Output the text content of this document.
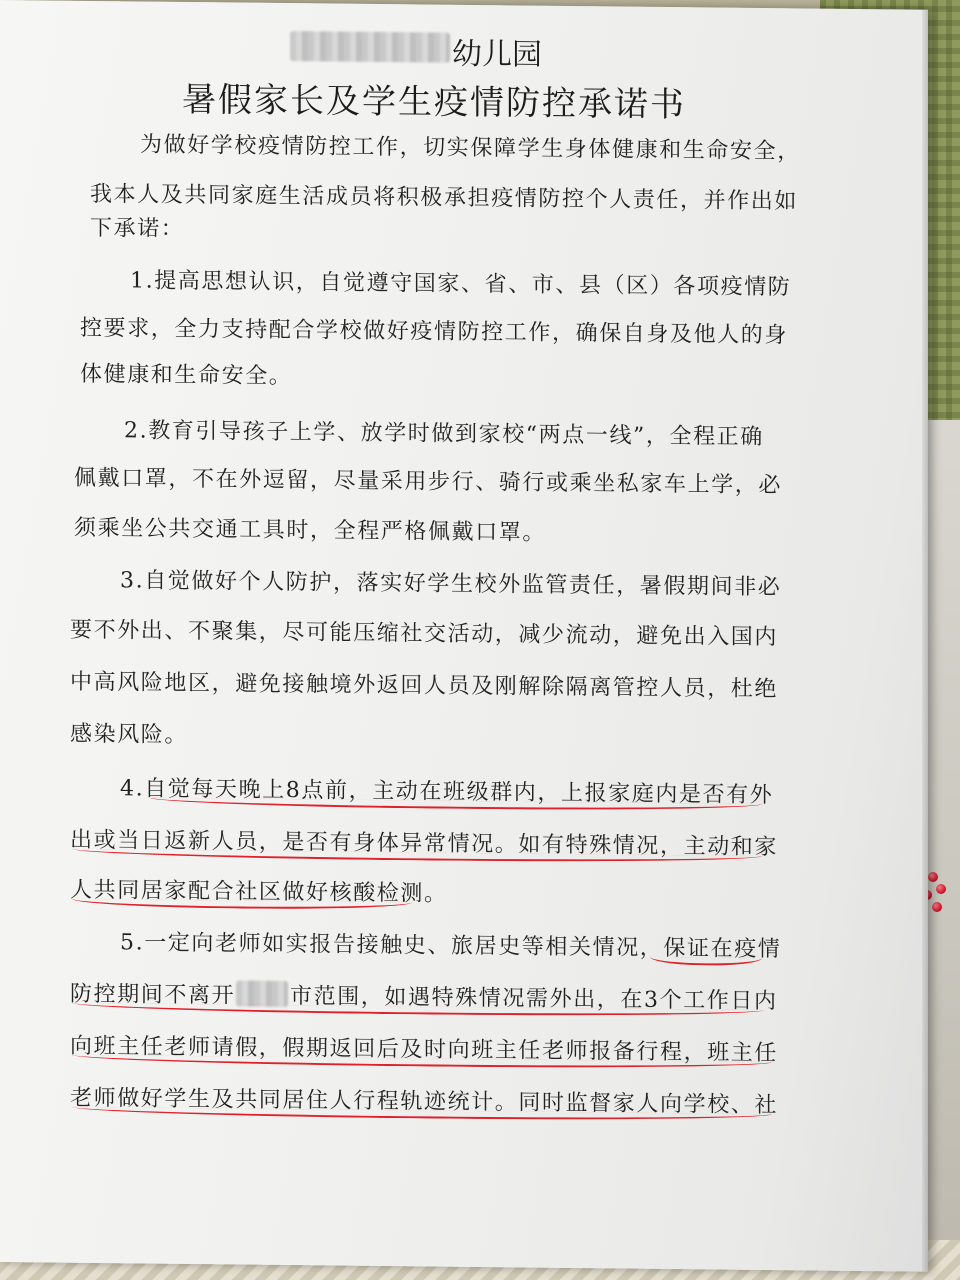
幼儿园
暑假家长及学生疫情防控承诺书
为做好学校疫情防控工作，切实保障学生身体健康和生命安全，
我本人及共同家庭生活成员将积极承担疫情防控个人责任，并作出如
下承诺：
1.提高思想认识，自觉遵守国家、省、市、县（区）各项疫情防
控要求，全力支持配合学校做好疫情防控工作，确保自身及他人的身
体健康和生命安全。
2.教育引导孩子上学、放学时做到家校“两点一线”，全程正确
佩戴口罩，不在外逗留，尽量采用步行、骑行或乘坐私家车上学，必
须乘坐公共交通工具时，全程严格佩戴口罩。
3.自觉做好个人防护，落实好学生校外监管责任，暑假期间非必
要不外出、不聚集，尽可能压缩社交活动，减少流动，避免出入国内
中高风险地区，避免接触境外返回人员及刚解除隔离管控人员，杜绝
感染风险。
4.自觉每天晚上8点前，主动在班级群内，上报家庭内是否有外
出或当日返新人员，是否有身体异常情况。如有特殊情况，主动和家
人共同居家配合社区做好核酸检测。
5.一定向老师如实报告接触史、旅居史等相关情况，保证在疫情
防控期间不离开 市范围，如遇特殊情况需外出，在3个工作日内
向班主任老师请假，假期返回后及时向班主任老师报备行程，班主任
老师做好学生及共同居住人行程轨迹统计。同时监督家人向学校、社
